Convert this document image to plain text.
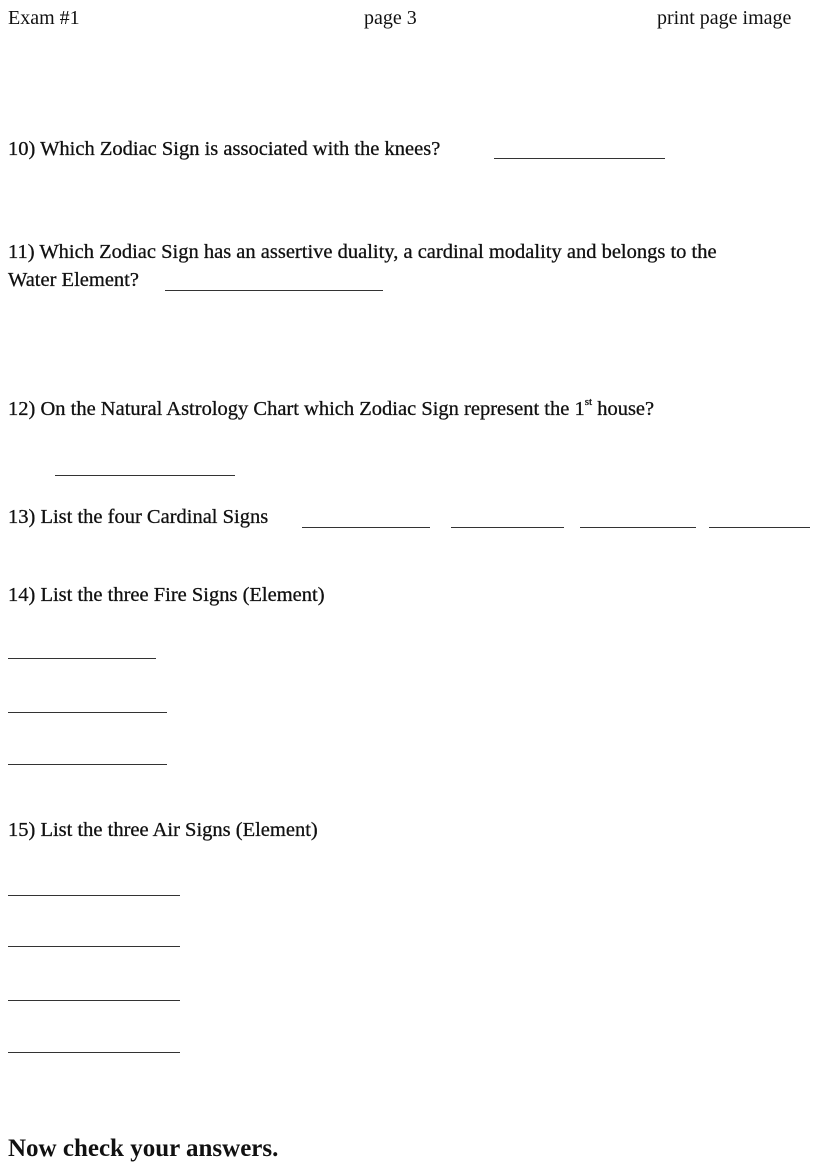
Exam #1	page 3	print page image
10) Which Zodiac Sign is associated with the knees?
11) Which Zodiac Sign has an assertive duality, a cardinal modality and belongs to the
Water Element?
12) On the Natural Astrology Chart which Zodiac Sign represent the 1st house?
13) List the four Cardinal Signs
14) List the three Fire Signs (Element)
15) List the three Air Signs (Element)
Now check your answers.
